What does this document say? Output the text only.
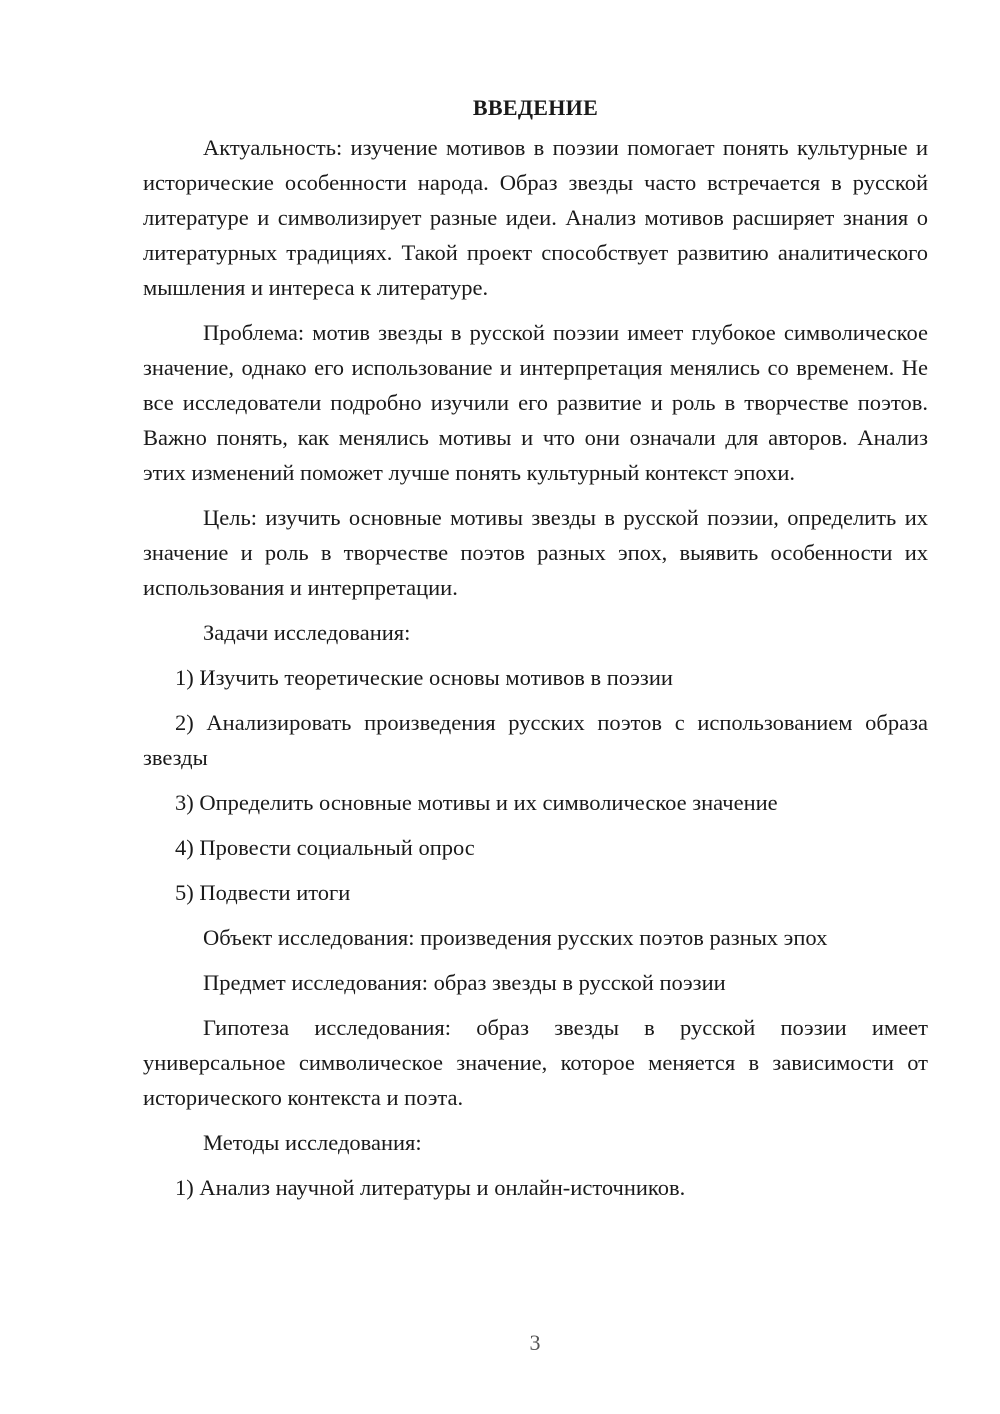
ВВЕДЕНИЕ

Актуальность: изучение мотивов в поэзии помогает понять культурные и исторические особенности народа. Образ звезды часто встречается в русской литературе и символизирует разные идеи. Анализ мотивов расширяет знания о литературных традициях. Такой проект способствует развитию аналитического мышления и интереса к литературе.

Проблема: мотив звезды в русской поэзии имеет глубокое символическое значение, однако его использование и интерпретация менялись со временем. Не все исследователи подробно изучили его развитие и роль в творчестве поэтов. Важно понять, как менялись мотивы и что они означали для авторов. Анализ этих изменений поможет лучше понять культурный контекст эпохи.

Цель: изучить основные мотивы звезды в русской поэзии, определить их значение и роль в творчестве поэтов разных эпох, выявить особенности их использования и интерпретации.

Задачи исследования:

1) Изучить теоретические основы мотивов в поэзии

2) Анализировать произведения русских поэтов с использованием образа звезды

3) Определить основные мотивы и их символическое значение

4) Провести социальный опрос

5) Подвести итоги

Объект исследования: произведения русских поэтов разных эпох

Предмет исследования: образ звезды в русской поэзии

Гипотеза исследования: образ звезды в русской поэзии имеет универсальное символическое значение, которое меняется в зависимости от исторического контекста и поэта.

Методы исследования:

1) Анализ научной литературы и онлайн-источников.

3
